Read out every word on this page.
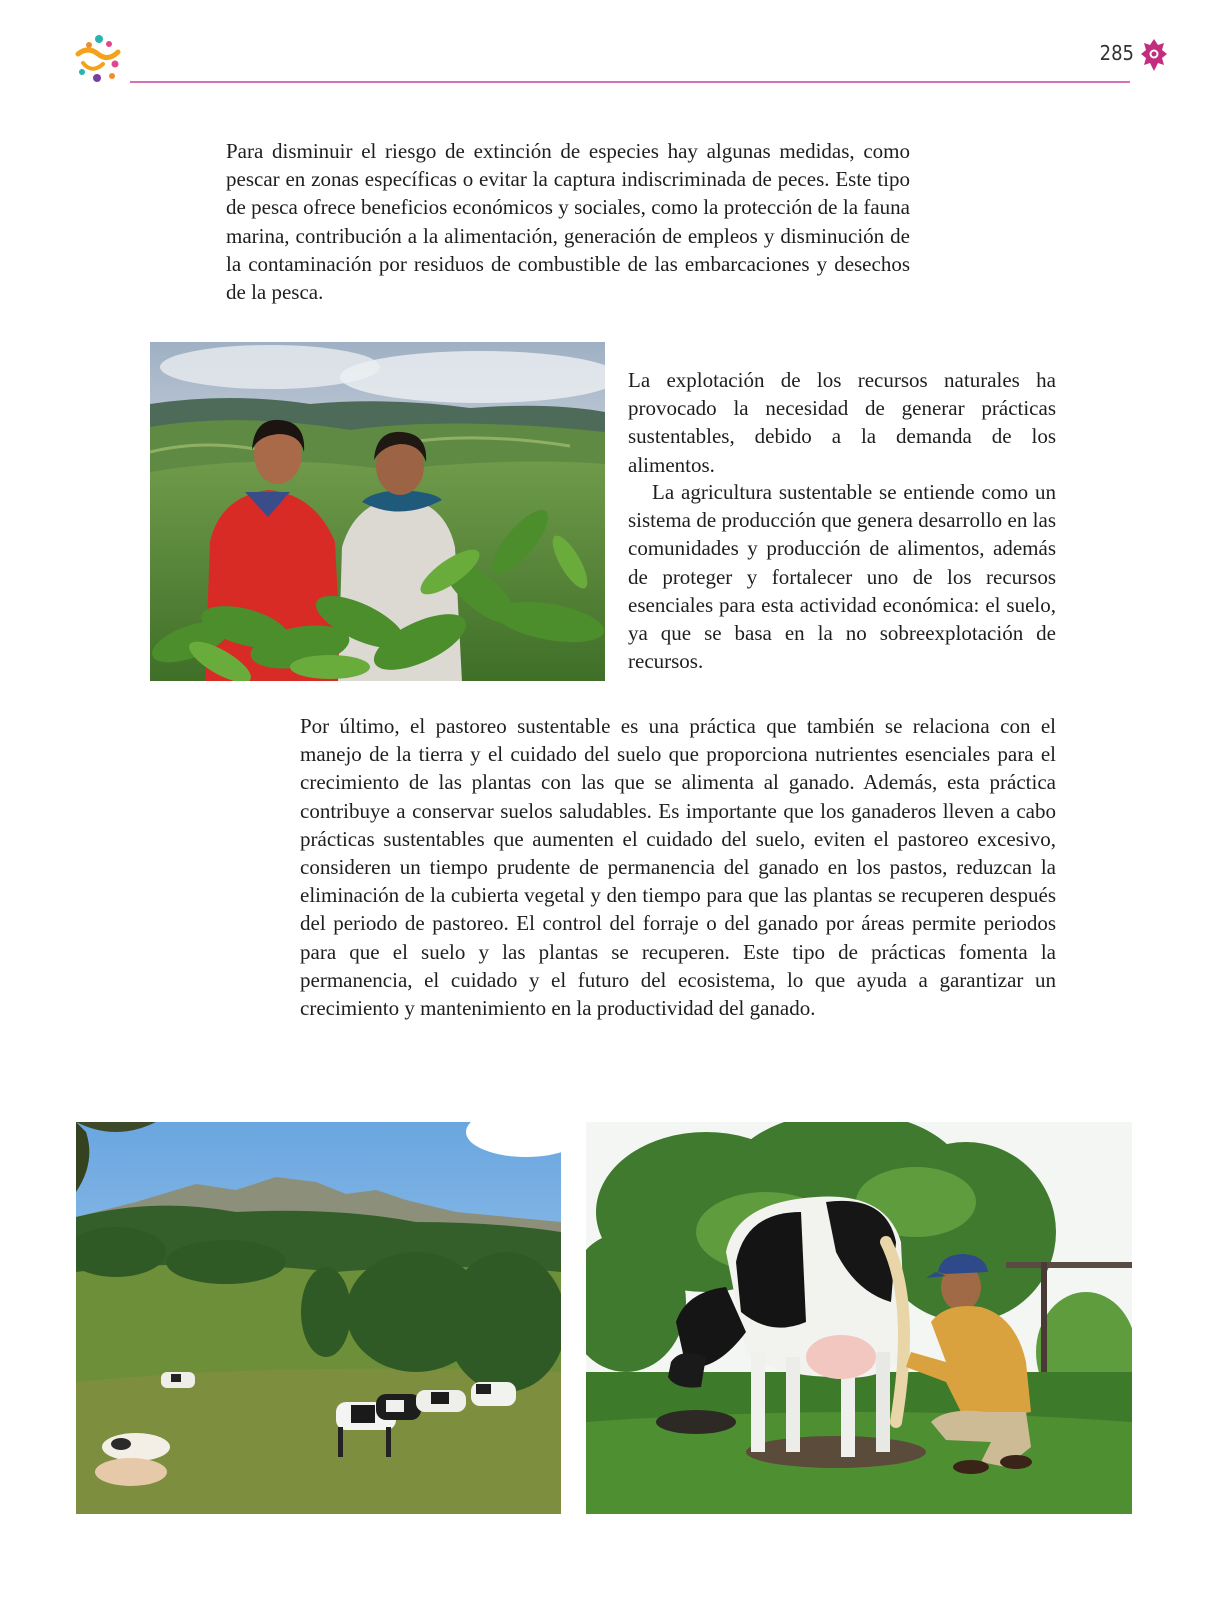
285

Para disminuir el riesgo de extinción de especies hay algunas medidas, como pescar en zonas específicas o evitar la captura indiscriminada de peces. Este tipo de pesca ofrece beneficios económicos y sociales, como la protección de la fauna marina, contribución a la alimentación, generación de empleos y disminución de la contaminación por residuos de combustible de las embarcaciones y desechos de la pesca.

La explotación de los recursos naturales ha provocado la necesidad de generar prácticas sustentables, debido a la demanda de los alimentos.

La agricultura sustentable se entiende como un sistema de producción que genera desarrollo en las comunidades y producción de alimentos, además de proteger y fortalecer uno de los recursos esenciales para esta actividad económica: el suelo, ya que se basa en la no sobreexplotación de recursos.

Por último, el pastoreo sustentable es una práctica que también se relaciona con el manejo de la tierra y el cuidado del suelo que proporciona nutrientes esenciales para el crecimiento de las plantas con las que se alimenta al ganado. Además, esta práctica contribuye a conservar suelos saludables. Es importante que los ganaderos lleven a cabo prácticas sustentables que aumenten el cuidado del suelo, eviten el pastoreo excesivo, consideren un tiempo prudente de permanencia del ganado en los pastos, reduzcan la eliminación de la cubierta vegetal y den tiempo para que las plantas se recuperen después del periodo de pastoreo. El control del forraje o del ganado por áreas permite periodos para que el suelo y las plantas se recuperen. Este tipo de prácticas fomenta la permanencia, el cuidado y el futuro del ecosistema, lo que ayuda a garantizar un crecimiento y mantenimiento en la productividad del ganado.
